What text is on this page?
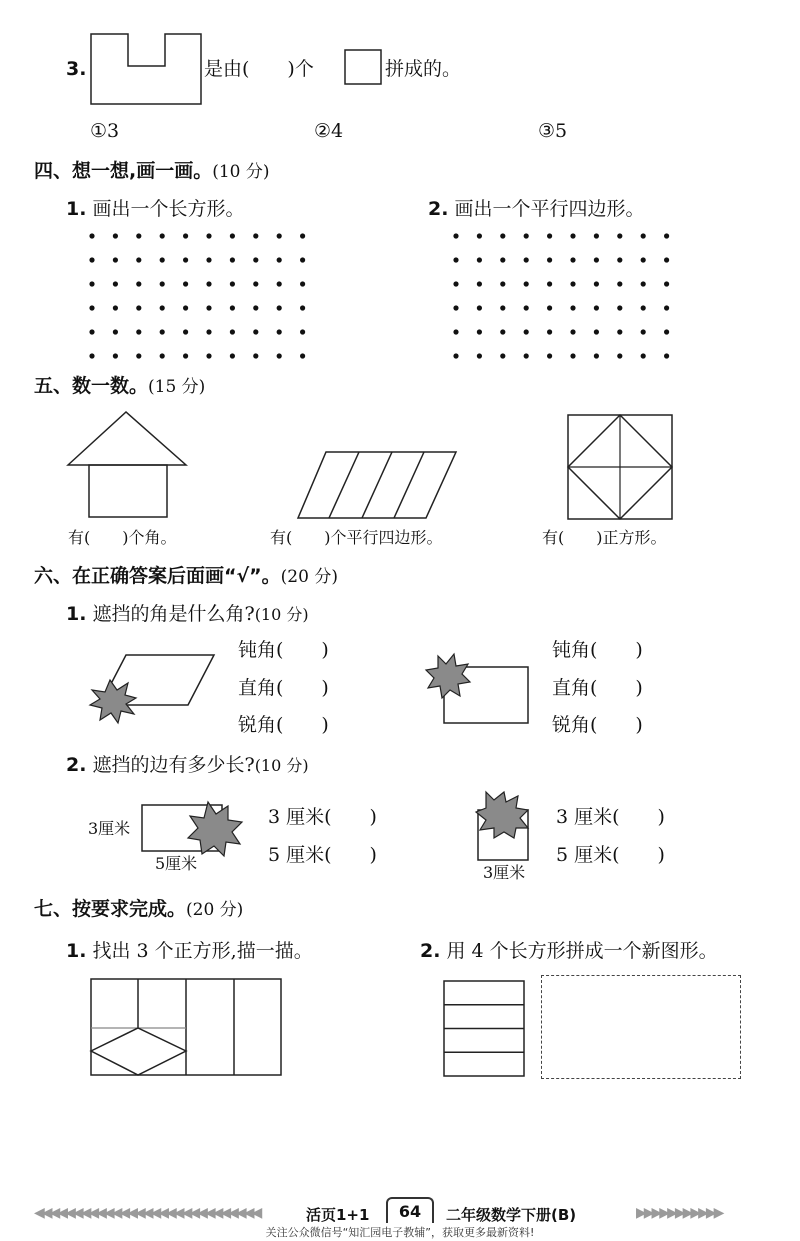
3.	是由(　　)个	拼成的。
①3	②4	③5
四、想一想,画一画。(10 分)
1. 画出一个长方形。	2. 画出一个平行四边形。
五、数一数。(15 分)
有(　　)个角。	有(　　)个平行四边形。	有(　　)正方形。
六、在正确答案后面画“√”。(20 分)
1. 遮挡的角是什么角?(10 分)
钝角(　　)
直角(　　)
锐角(　　)
钝角(　　)
直角(　　)
锐角(　　)
2. 遮挡的边有多少长?(10 分)
3厘米
5厘米
3 厘米(　　)
5 厘米(　　)
3厘米
3 厘米(　　)
5 厘米(　　)
七、按要求完成。(20 分)
1. 找出 3 个正方形,描一描。	2. 用 4 个长方形拼成一个新图形。
◀◀◀◀◀◀◀◀◀◀◀◀◀◀◀◀◀◀◀◀◀◀◀◀◀◀◀◀◀	活页1+1	64	二年级数学下册(B)	▶▶▶▶▶▶▶▶▶▶▶
关注公众微信号“知汇园电子教辅”，获取更多最新资料!
